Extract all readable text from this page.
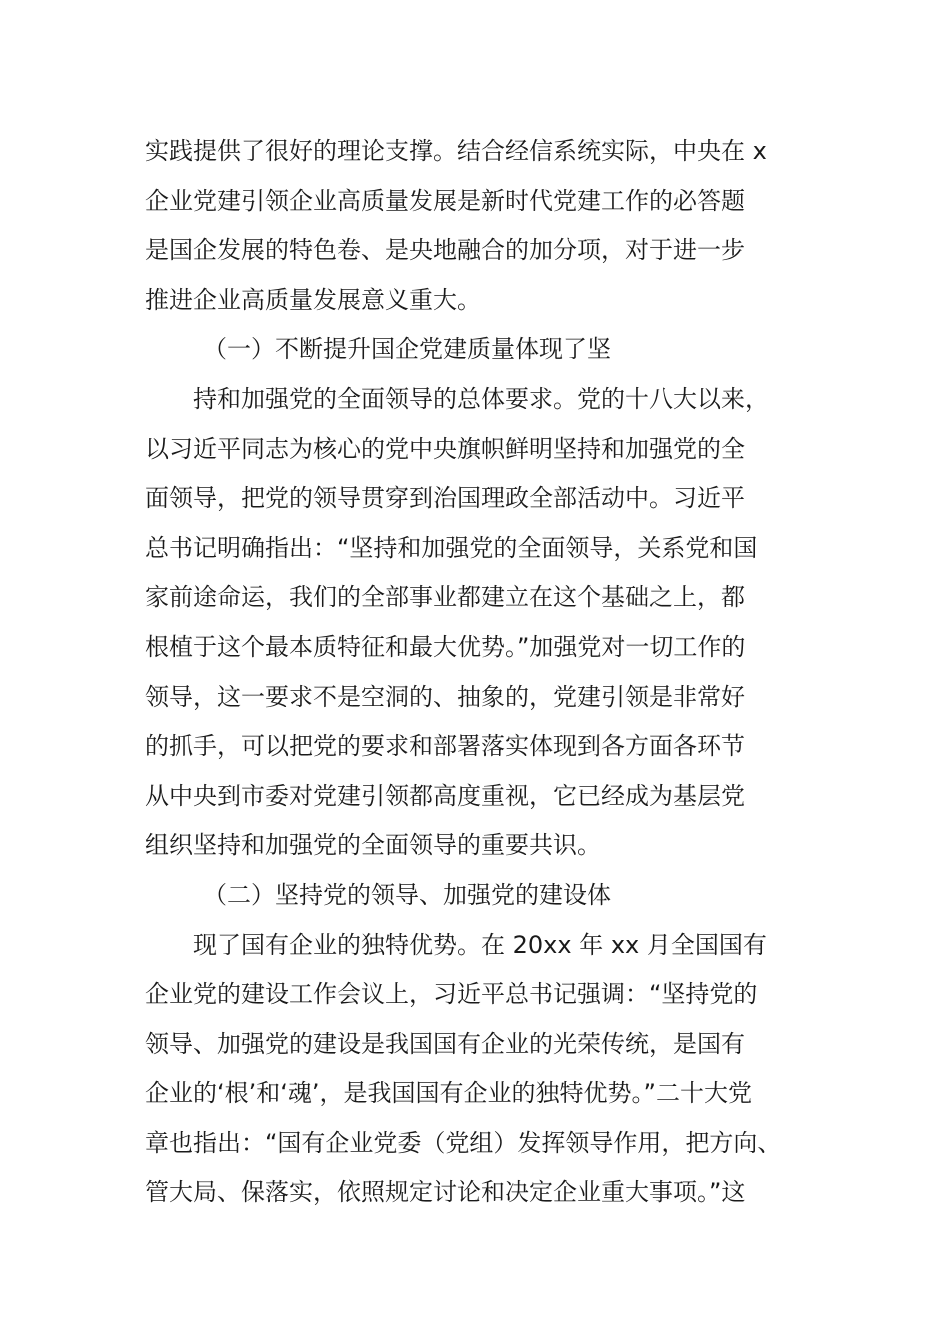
实践提供了很好的理论支撑。结合经信系统实际，中央在 x
企业党建引领企业高质量发展是新时代党建工作的必答题
是国企发展的特色卷、是央地融合的加分项，对于进一步
推进企业高质量发展意义重大。
（一）不断提升国企党建质量体现了坚
持和加强党的全面领导的总体要求。党的十八大以来，
以习近平同志为核心的党中央旗帜鲜明坚持和加强党的全
面领导，把党的领导贯穿到治国理政全部活动中。习近平
总书记明确指出：“坚持和加强党的全面领导，关系党和国
家前途命运，我们的全部事业都建立在这个基础之上，都
根植于这个最本质特征和最大优势。”加强党对一切工作的
领导，这一要求不是空洞的、抽象的，党建引领是非常好
的抓手，可以把党的要求和部署落实体现到各方面各环节
从中央到市委对党建引领都高度重视，它已经成为基层党
组织坚持和加强党的全面领导的重要共识。
（二）坚持党的领导、加强党的建设体
现了国有企业的独特优势。在 20xx 年 xx 月全国国有
企业党的建设工作会议上，习近平总书记强调：“坚持党的
领导、加强党的建设是我国国有企业的光荣传统，是国有
企业的‘根’和‘魂’，是我国国有企业的独特优势。”二十大党
章也指出：“国有企业党委（党组）发挥领导作用，把方向、
管大局、保落实，依照规定讨论和决定企业重大事项。”这
